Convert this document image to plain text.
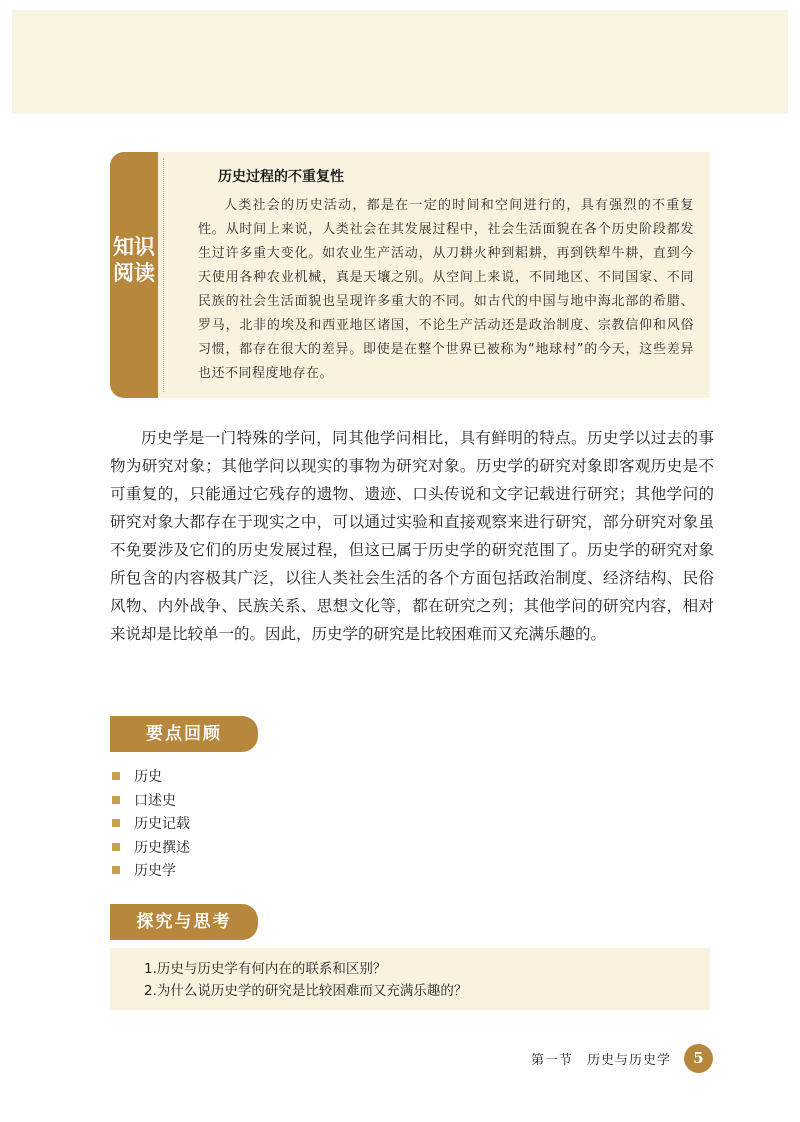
知识阅读
历史过程的不重复性

人类社会的历史活动，都是在一定的时间和空间进行的，具有强烈的不重复性。从时间上来说，人类社会在其发展过程中，社会生活面貌在各个历史阶段都发生过许多重大变化。如农业生产活动，从刀耕火种到耜耕，再到铁犁牛耕，直到今天使用各种农业机械，真是天壤之别。从空间上来说，不同地区、不同国家、不同民族的社会生活面貌也呈现许多重大的不同。如古代的中国与地中海北部的希腊、罗马，北非的埃及和西亚地区诸国，不论生产活动还是政治制度、宗教信仰和风俗习惯，都存在很大的差异。即使是在整个世界已被称为“地球村”的今天，这些差异也还不同程度地存在。

历史学是一门特殊的学问，同其他学问相比，具有鲜明的特点。历史学以过去的事物为研究对象；其他学问以现实的事物为研究对象。历史学的研究对象即客观历史是不可重复的，只能通过它残存的遗物、遗迹、口头传说和文字记载进行研究；其他学问的研究对象大都存在于现实之中，可以通过实验和直接观察来进行研究，部分研究对象虽不免要涉及它们的历史发展过程，但这已属于历史学的研究范围了。历史学的研究对象所包含的内容极其广泛，以往人类社会生活的各个方面包括政治制度、经济结构、民俗风物、内外战争、民族关系、思想文化等，都在研究之列；其他学问的研究内容，相对来说却是比较单一的。因此，历史学的研究是比较困难而又充满乐趣的。

要点回顾
历史
口述史
历史记载
历史撰述
历史学
探究与思考

1.历史与历史学有何内在的联系和区别？

2.为什么说历史学的研究是比较困难而又充满乐趣的？

第一节　历史与历史学	5
